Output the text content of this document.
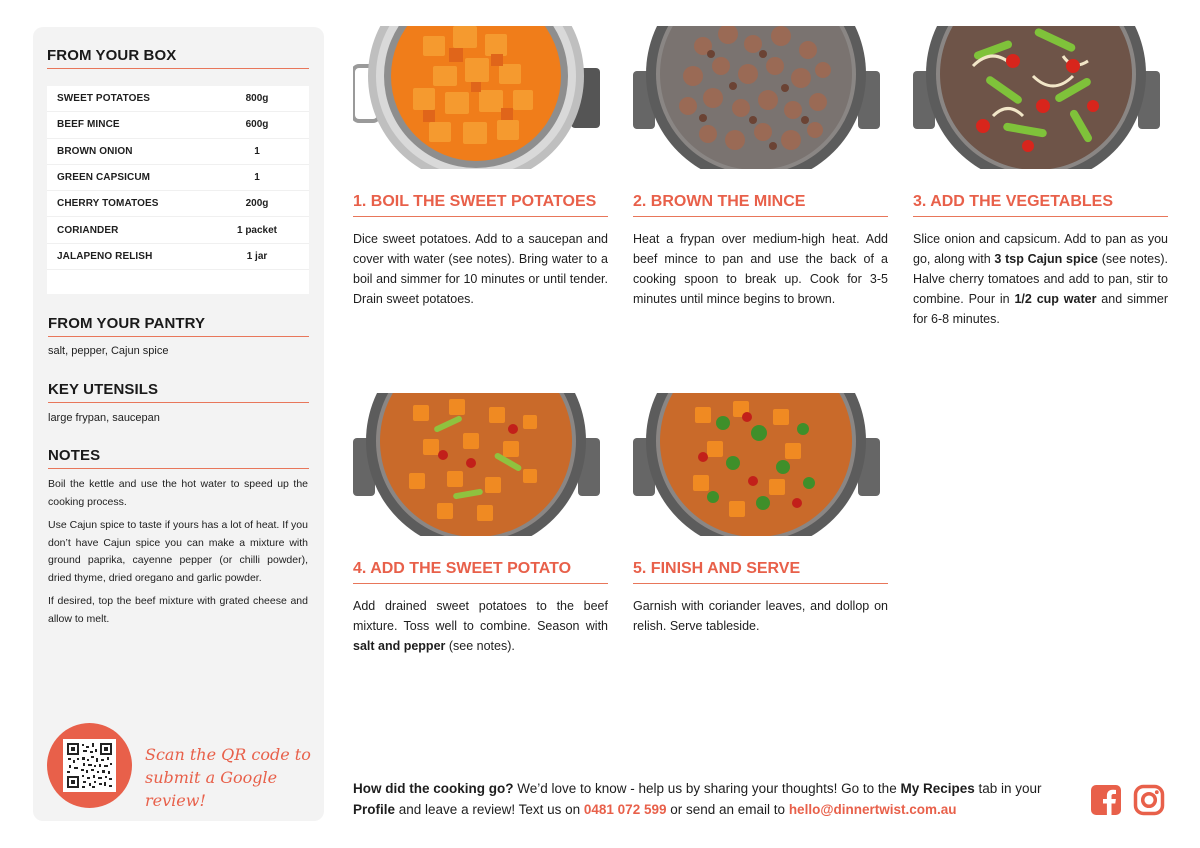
FROM YOUR BOX
SWEET POTATOES	800g
BEEF MINCE	600g
BROWN ONION	1
GREEN CAPSICUM	1
CHERRY TOMATOES	200g
CORIANDER	1 packet
JALAPENO RELISH	1 jar
FROM YOUR PANTRY
salt, pepper, Cajun spice
KEY UTENSILS
large frypan, saucepan
NOTES

Boil the kettle and use the hot water to speed up the cooking process.

Use Cajun spice to taste if yours has a lot of heat. If you don’t have Cajun spice you can make a mixture with ground paprika, cayenne pepper (or chilli powder), dried thyme, dried oregano and garlic powder.

If desired, top the beef mixture with grated cheese and allow to melt.

Scan the QR code to
submit a Google review!
1. BOIL THE SWEET POTATOES
Dice sweet potatoes. Add to a saucepan and cover with water (see notes). Bring water to a boil and simmer for 10 minutes or until tender. Drain sweet potatoes.
2. BROWN THE MINCE
Heat a frypan over medium-high heat. Add beef mince to pan and use the back of a cooking spoon to break up. Cook for 3-5 minutes until mince begins to brown.
3. ADD THE VEGETABLES
Slice onion and capsicum. Add to pan as you go, along with 3 tsp Cajun spice (see notes). Halve cherry tomatoes and add to pan, stir to combine. Pour in 1/2 cup water and simmer for 6-8 minutes.
4. ADD THE SWEET POTATO
Add drained sweet potatoes to the beef mixture. Toss well to combine. Season with salt and pepper (see notes).
5. FINISH AND SERVE
Garnish with coriander leaves, and dollop on relish. Serve tableside.
How did the cooking go? We’d love to know - help us by sharing your thoughts! Go to the My Recipes tab in your Profile and leave a review! Text us on 0481 072 599 or send an email to hello@dinnertwist.com.au
